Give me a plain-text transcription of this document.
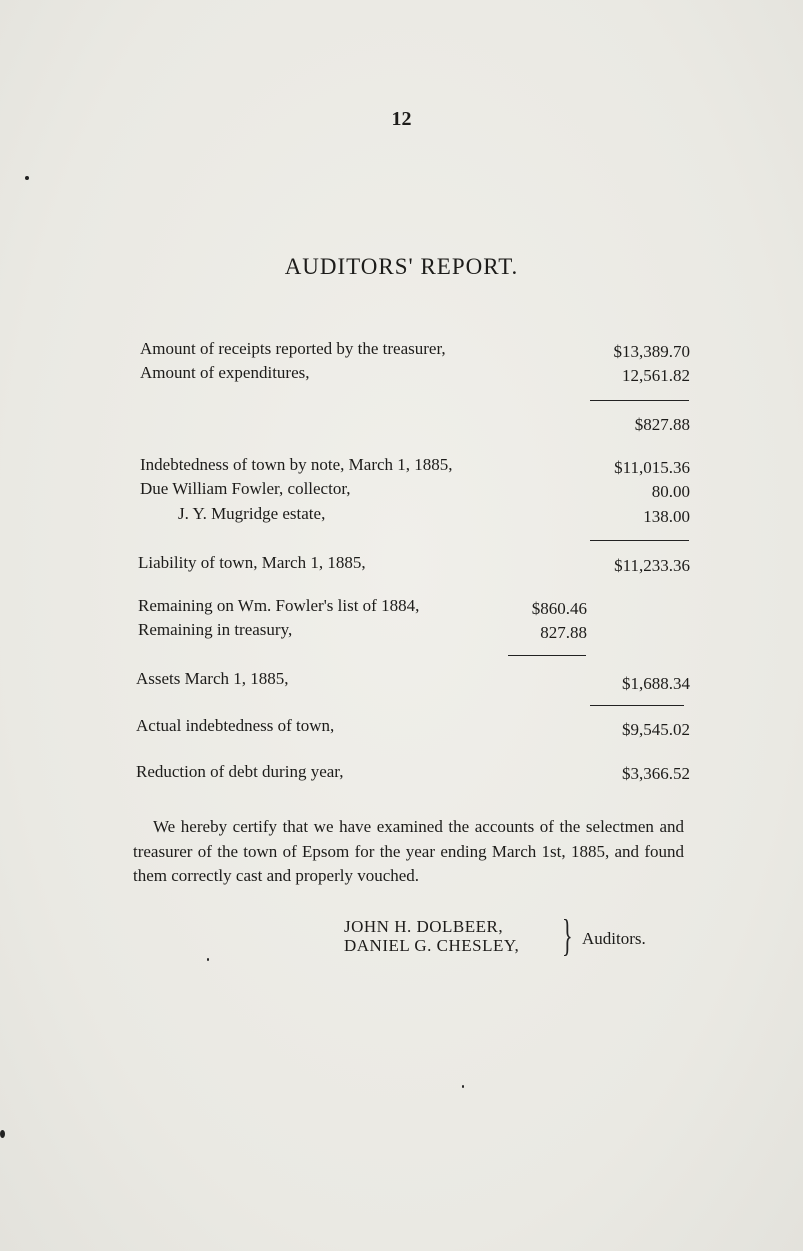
12
AUDITORS' REPORT.
Amount of receipts reported by the treasurer,	$13,389.70
Amount of expenditures,	12,561.82
$827.88
Indebtedness of town by note, March 1, 1885,	$11,015.36
Due William Fowler, collector,	80.00
J. Y. Mugridge estate,	138.00
Liability of town, March 1, 1885,	$11,233.36
Remaining on Wm. Fowler's list of 1884,	$860.46
Remaining in treasury,	827.88
Assets March 1, 1885,	$1,688.34
Actual indebtedness of town,	$9,545.02
Reduction of debt during year,	$3,366.52
We hereby certify that we have examined the accounts of the selectmen and treasurer of the town of Epsom for the year ending March 1st, 1885, and found them correctly cast and properly vouched.
JOHN H. DOLBEER,
DANIEL G. CHESLEY, } Auditors.
